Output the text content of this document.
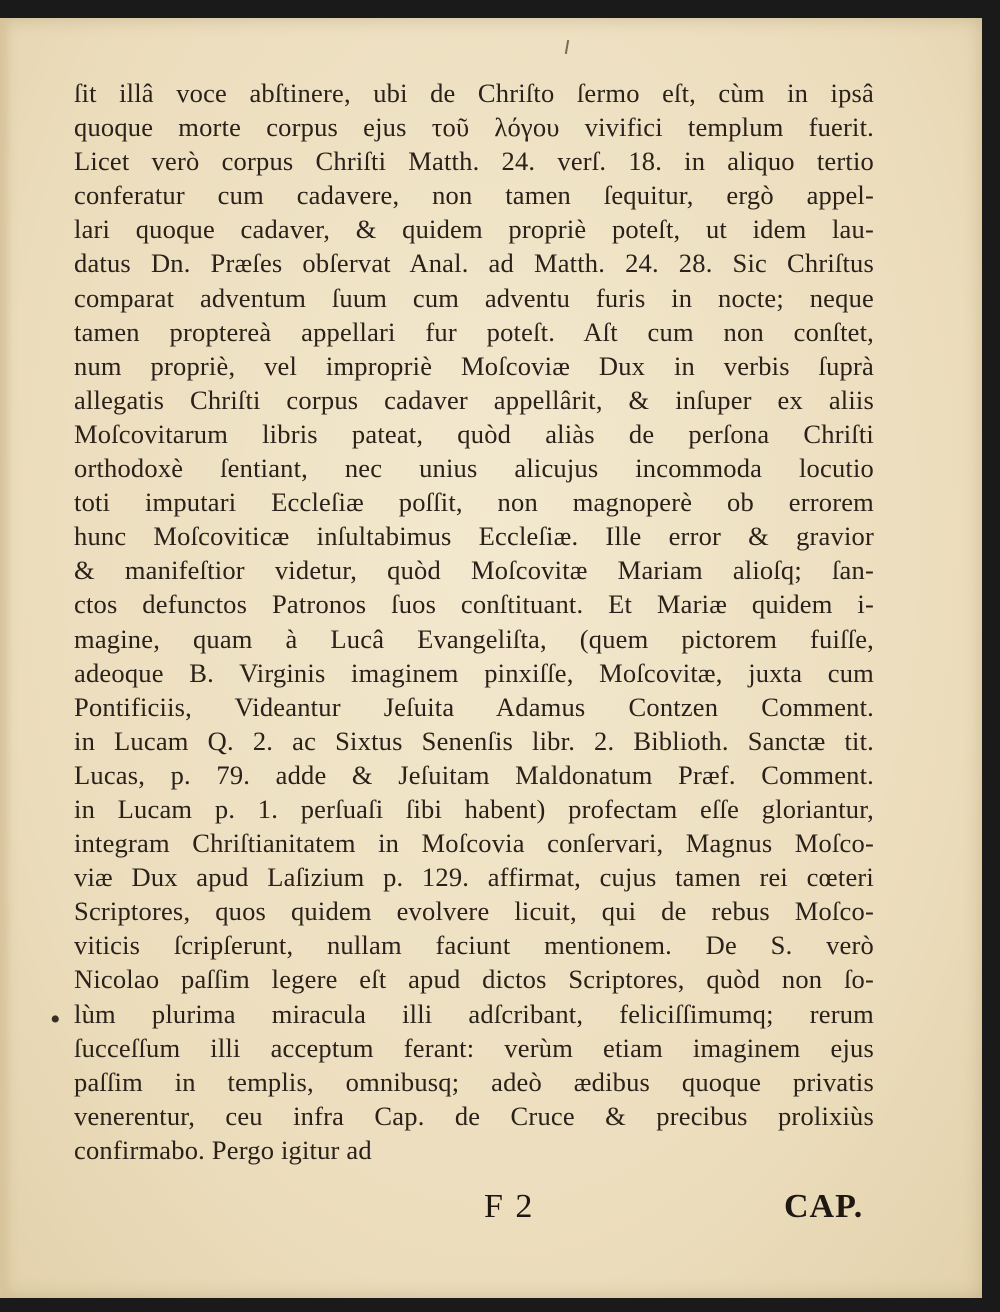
ſit illâ voce abſtinere, ubi de Chriſto ſermo eſt, cùm in ipsâ
quoque morte corpus ejus τοῦ λόγου vivifici templum fuerit.
Licet verò corpus Chriſti Matth. 24. verſ. 18. in aliquo tertio
conferatur cum cadavere, non tamen ſequitur, ergò appel-
lari quoque cadaver, & quidem propriè poteſt, ut idem lau-
datus Dn. Præſes obſervat Anal. ad Matth. 24. 28. Sic Chriſtus
comparat adventum ſuum cum adventu furis in nocte; neque
tamen proptereà appellari fur poteſt. Aſt cum non conſtet,
num propriè, vel impropriè Moſcoviæ Dux in verbis ſuprà
allegatis Chriſti corpus cadaver appellârit, & inſuper ex aliis
Moſcovitarum libris pateat, quòd aliàs de perſona Chriſti
orthodoxè ſentiant, nec unius alicujus incommoda locutio
toti imputari Eccleſiæ poſſit, non magnoperè ob errorem
hunc Moſcoviticæ inſultabimus Eccleſiæ. Ille error & gravior
& manifeſtior videtur, quòd Moſcovitæ Mariam alioſq; ſan-
ctos defunctos Patronos ſuos conſtituant. Et Mariæ quidem i-
magine, quam à Lucâ Evangeliſta, (quem pictorem fuiſſe,
adeoque B. Virginis imaginem pinxiſſe, Moſcovitæ, juxta cum
Pontificiis, Videantur Jeſuita Adamus Contzen Comment.
in Lucam Q. 2. ac Sixtus Senenſis libr. 2. Biblioth. Sanctæ tit.
Lucas, p. 79. adde & Jeſuitam Maldonatum Præf. Comment.
in Lucam p. 1. perſuaſi ſibi habent) profectam eſſe gloriantur,
integram Chriſtianitatem in Moſcovia conſervari, Magnus Moſco-
viæ Dux apud Laſizium p. 129. affirmat, cujus tamen rei cœteri
Scriptores, quos quidem evolvere licuit, qui de rebus Moſco-
viticis ſcripſerunt, nullam faciunt mentionem. De S. verò
Nicolao paſſim legere eſt apud dictos Scriptores, quòd non ſo-
lùm plurima miracula illi adſcribant, feliciſſimumq; rerum
ſucceſſum illi acceptum ferant: verùm etiam imaginem ejus
paſſim in templis, omnibusq; adeò ædibus quoque privatis
venerentur, ceu infra Cap. de Cruce & precibus prolixiùs
confirmabo. Pergo igitur ad
•
F 2	CAP.
